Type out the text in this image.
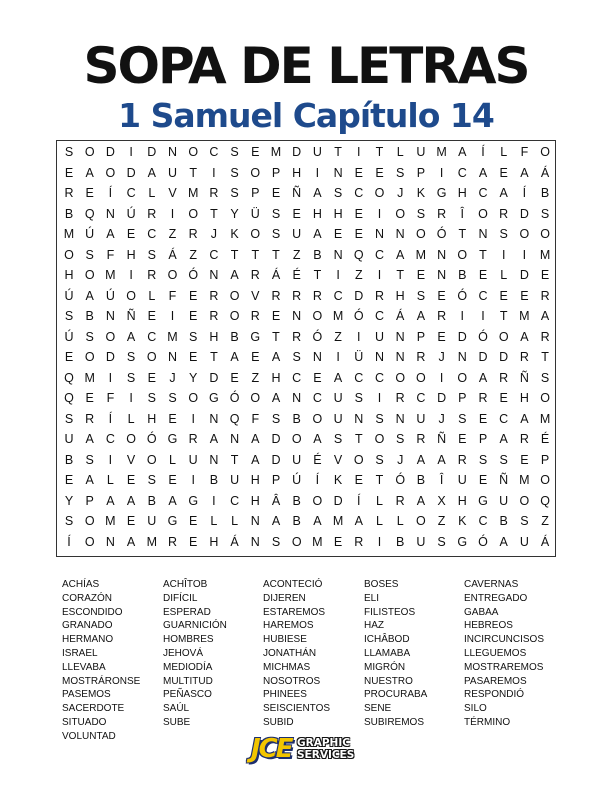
SOPA DE LETRAS
1 Samuel Capítulo 14
S O D	I	D N O C S E M D U T	I	T	L	U M A	Í	L	F O
E A O D A U T	I	S O P H	I	N E E S P	I	C A E A Á
R E	Í	C	L	V M R S P E Ñ A S C O	J	K G H C A	Í	B
B Q N Ú R	I	O T	Y Ü S E H H E	I	O S R	Î	O R D S
M Ú A E C Z R	J	K O S U A E E N N O Ó T N S O O
O S	F H S Á	Z C T	T	T	Z	B N Q C A M N O T	I	I	M
H O M	I	R O Ó N A R Á É	T	I	Z	I	T	E N B E	L	D E
Ú A Ú O L	F	E R O V R R R C D R H S E Ó C E E R
S B N Ñ E	I	E R O R E N O M Ó C Á A R	I	I	T M A
Ú S O A C M S H B G T R Ó Z	I	U N P E D Ó O A R
E O D S O N E	T	A E A S N	I	Ü N N R	J	N D D R T
Q M	I	S E	J	Y D E	Z H C E A C C O O	I	O A R Ñ S
Q E	F	I	S S O G Ó O A N C U S	I	R C D P R E H O
S R	Í	L	H E	I	N Q F	S B O U N S N U	J	S E C A M
U A C O Ó G R A N A D O A S	T O S R Ñ E P A R É
B S	I	V O L	U N T	A D U É V O S	J	A A R S S E P
E A	L	E S E	I	B U H P Ú	Í	K E	T Ó B	Î	U E Ñ M O
Y P A A B A G	I	C H Â B O D	Í	L	R A X H G U O Q
S O M E U G E	L	L	N A B A M A	L	L O Z	K C B S	Z
Í	O N A M R E H Á N S O M E R	I	B U S G Ó A U Á
ACHÍAS
CORAZÓN
ESCONDIDO
GRANADO
HERMANO
ISRAEL
LLEVABA
MOSTRÁRONSE
PASEMOS
SACERDOTE
SITUADO
VOLUNTAD
ACHÎTOB
DIFÍCIL
ESPERAD
GUARNICIÓN
HOMBRES
JEHOVÁ
MEDIODÍA
MULTITUD
PEÑASCO
SAÚL
SUBE
ACONTECIÓ
DIJEREN
ESTAREMOS
HAREMOS
HUBIESE
JONATHÁN
MICHMAS
NOSOTROS
PHINEES
SEISCIENTOS
SUBID
BOSES
ELI
FILISTEOS
HAZ
ICHÂBOD
LLAMABA
MIGRÓN
NUESTRO
PROCURABA
SENE
SUBIREMOS
CAVERNAS
ENTREGADO
GABAA
HEBREOS
INCIRCUNCISOS
LLEGUEMOS
MOSTRAREMOS
PASAREMOS
RESPONDIÓ
SILO
TÉRMINO
JCE GRAPHIC
SERVICES
